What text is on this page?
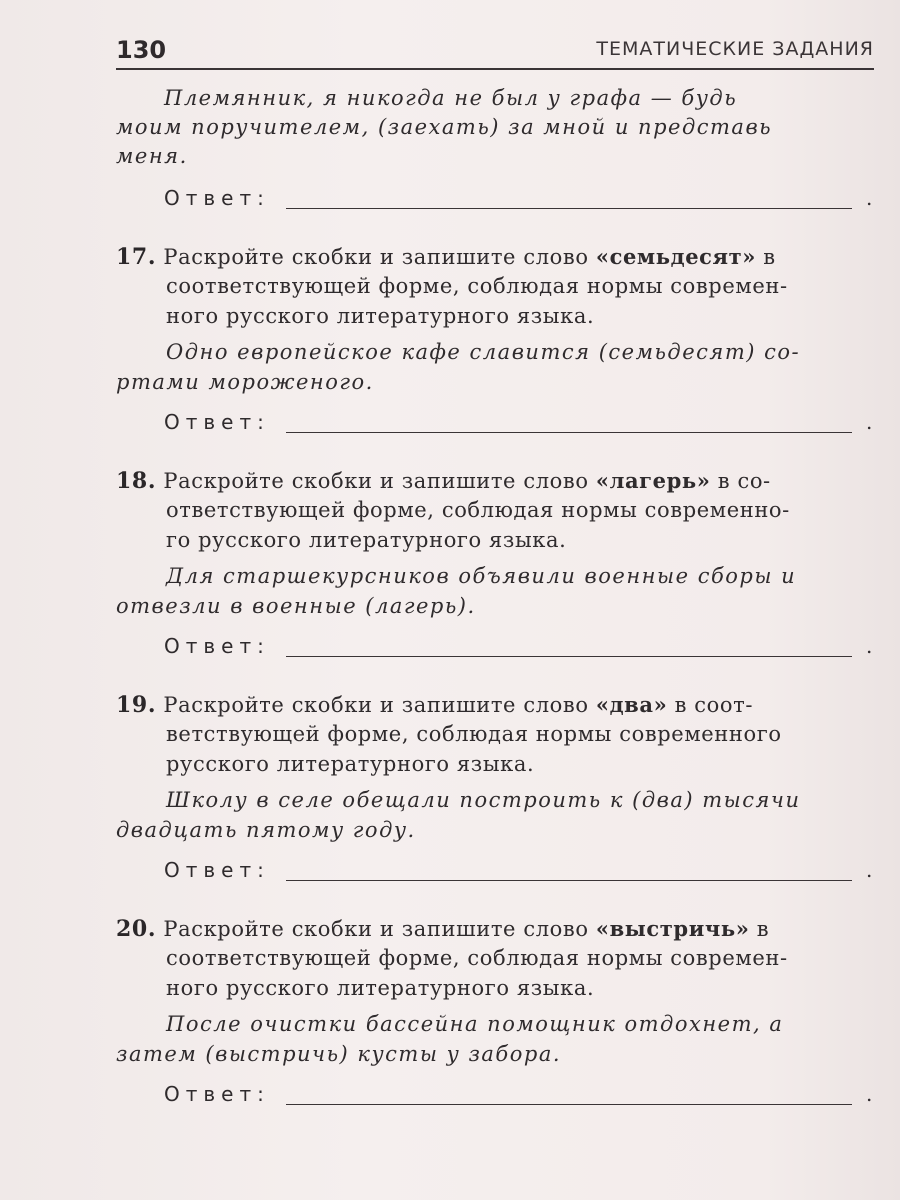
130	ТЕМАТИЧЕСКИЕ ЗАДАНИЯ
Племянник, я никогда не был у графа — будь
моим поручителем, (заехать) за мной и представь
меня.
Ответ:	.
17. Раскройте скобки и запишите слово «семьдесят» в
соответствующей форме, соблюдая нормы современ-
ного русского литературного языка.
Одно европейское кафе славится (семьдесят) со-
ртами мороженого.
Ответ:	.
18. Раскройте скобки и запишите слово «лагерь» в со-
ответствующей форме, соблюдая нормы современно-
го русского литературного языка.
Для старшекурсников объявили военные сборы и
отвезли в военные (лагерь).
Ответ:	.
19. Раскройте скобки и запишите слово «два» в соот-
ветствующей форме, соблюдая нормы современного
русского литературного языка.
Школу в селе обещали построить к (два) тысячи
двадцать пятому году.
Ответ:	.
20. Раскройте скобки и запишите слово «выстричь» в
соответствующей форме, соблюдая нормы современ-
ного русского литературного языка.
После очистки бассейна помощник отдохнет, а
затем (выстричь) кусты у забора.
Ответ:	.
